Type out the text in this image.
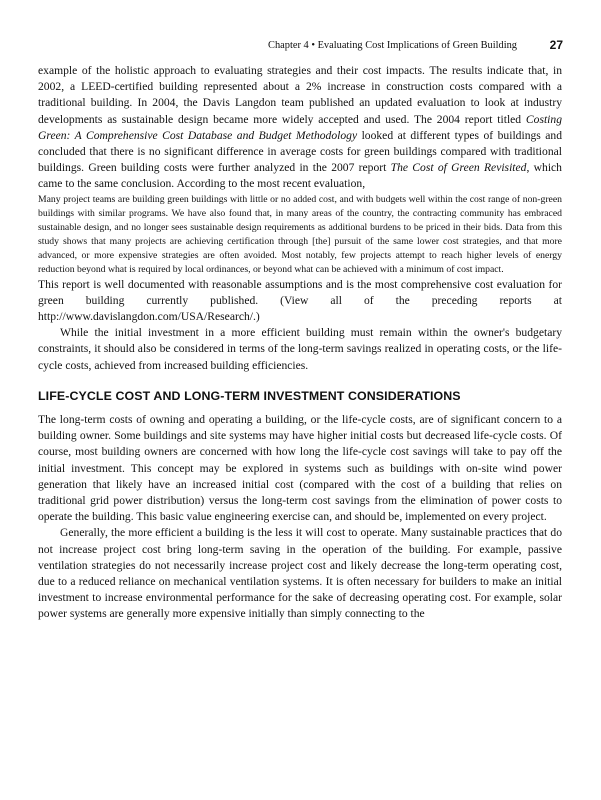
Chapter 4 • Evaluating Cost Implications of Green Building	27

example of the holistic approach to evaluating strategies and their cost impacts. The results indicate that, in 2002, a LEED-certified building represented about a 2% increase in construction costs compared with a traditional building. In 2004, the Davis Langdon team published an updated evaluation to look at industry developments as sustainable design became more widely accepted and used. The 2004 report titled Costing Green: A Comprehensive Cost Database and Budget Methodology looked at different types of buildings and concluded that there is no significant difference in average costs for green buildings compared with traditional buildings. Green building costs were further analyzed in the 2007 report The Cost of Green Revisited, which came to the same conclusion. According to the most recent evaluation,

Many project teams are building green buildings with little or no added cost, and with budgets well within the cost range of non-green buildings with similar programs. We have also found that, in many areas of the country, the contracting community has embraced sustainable design, and no longer sees sustainable design requirements as additional burdens to be priced in their bids. Data from this study shows that many projects are achieving certification through [the] pursuit of the same lower cost strategies, and that more advanced, or more expensive strategies are often avoided. Most notably, few projects attempt to reach higher levels of energy reduction beyond what is required by local ordinances, or beyond what can be achieved with a minimum of cost impact.

This report is well documented with reasonable assumptions and is the most comprehensive cost evaluation for green building currently published. (View all of the preceding reports at http://www.davislangdon.com/USA/Research/.)

While the initial investment in a more efficient building must remain within the owner's budgetary constraints, it should also be considered in terms of the long-term savings realized in operating costs, or the life-cycle costs, achieved from increased building efficiencies.

LIFE-CYCLE COST AND LONG-TERM INVESTMENT CONSIDERATIONS

The long-term costs of owning and operating a building, or the life-cycle costs, are of significant concern to a building owner. Some buildings and site systems may have higher initial costs but decreased life-cycle costs. Of course, most building owners are concerned with how long the life-cycle cost savings will take to pay off the initial investment. This concept may be explored in systems such as buildings with on-site wind power generation that likely have an increased initial cost (compared with the cost of a building that relies on traditional grid power distribution) versus the long-term cost savings from the elimination of power costs to operate the building. This basic value engineering exercise can, and should be, implemented on every project.

Generally, the more efficient a building is the less it will cost to operate. Many sustainable practices that do not increase project cost bring long-term saving in the operation of the building. For example, passive ventilation strategies do not necessarily increase project cost and likely decrease the long-term operating cost, due to a reduced reliance on mechanical ventilation systems. It is often necessary for builders to make an initial investment to increase environmental performance for the sake of decreasing operating cost. For example, solar power systems are generally more expensive initially than simply connecting to the
